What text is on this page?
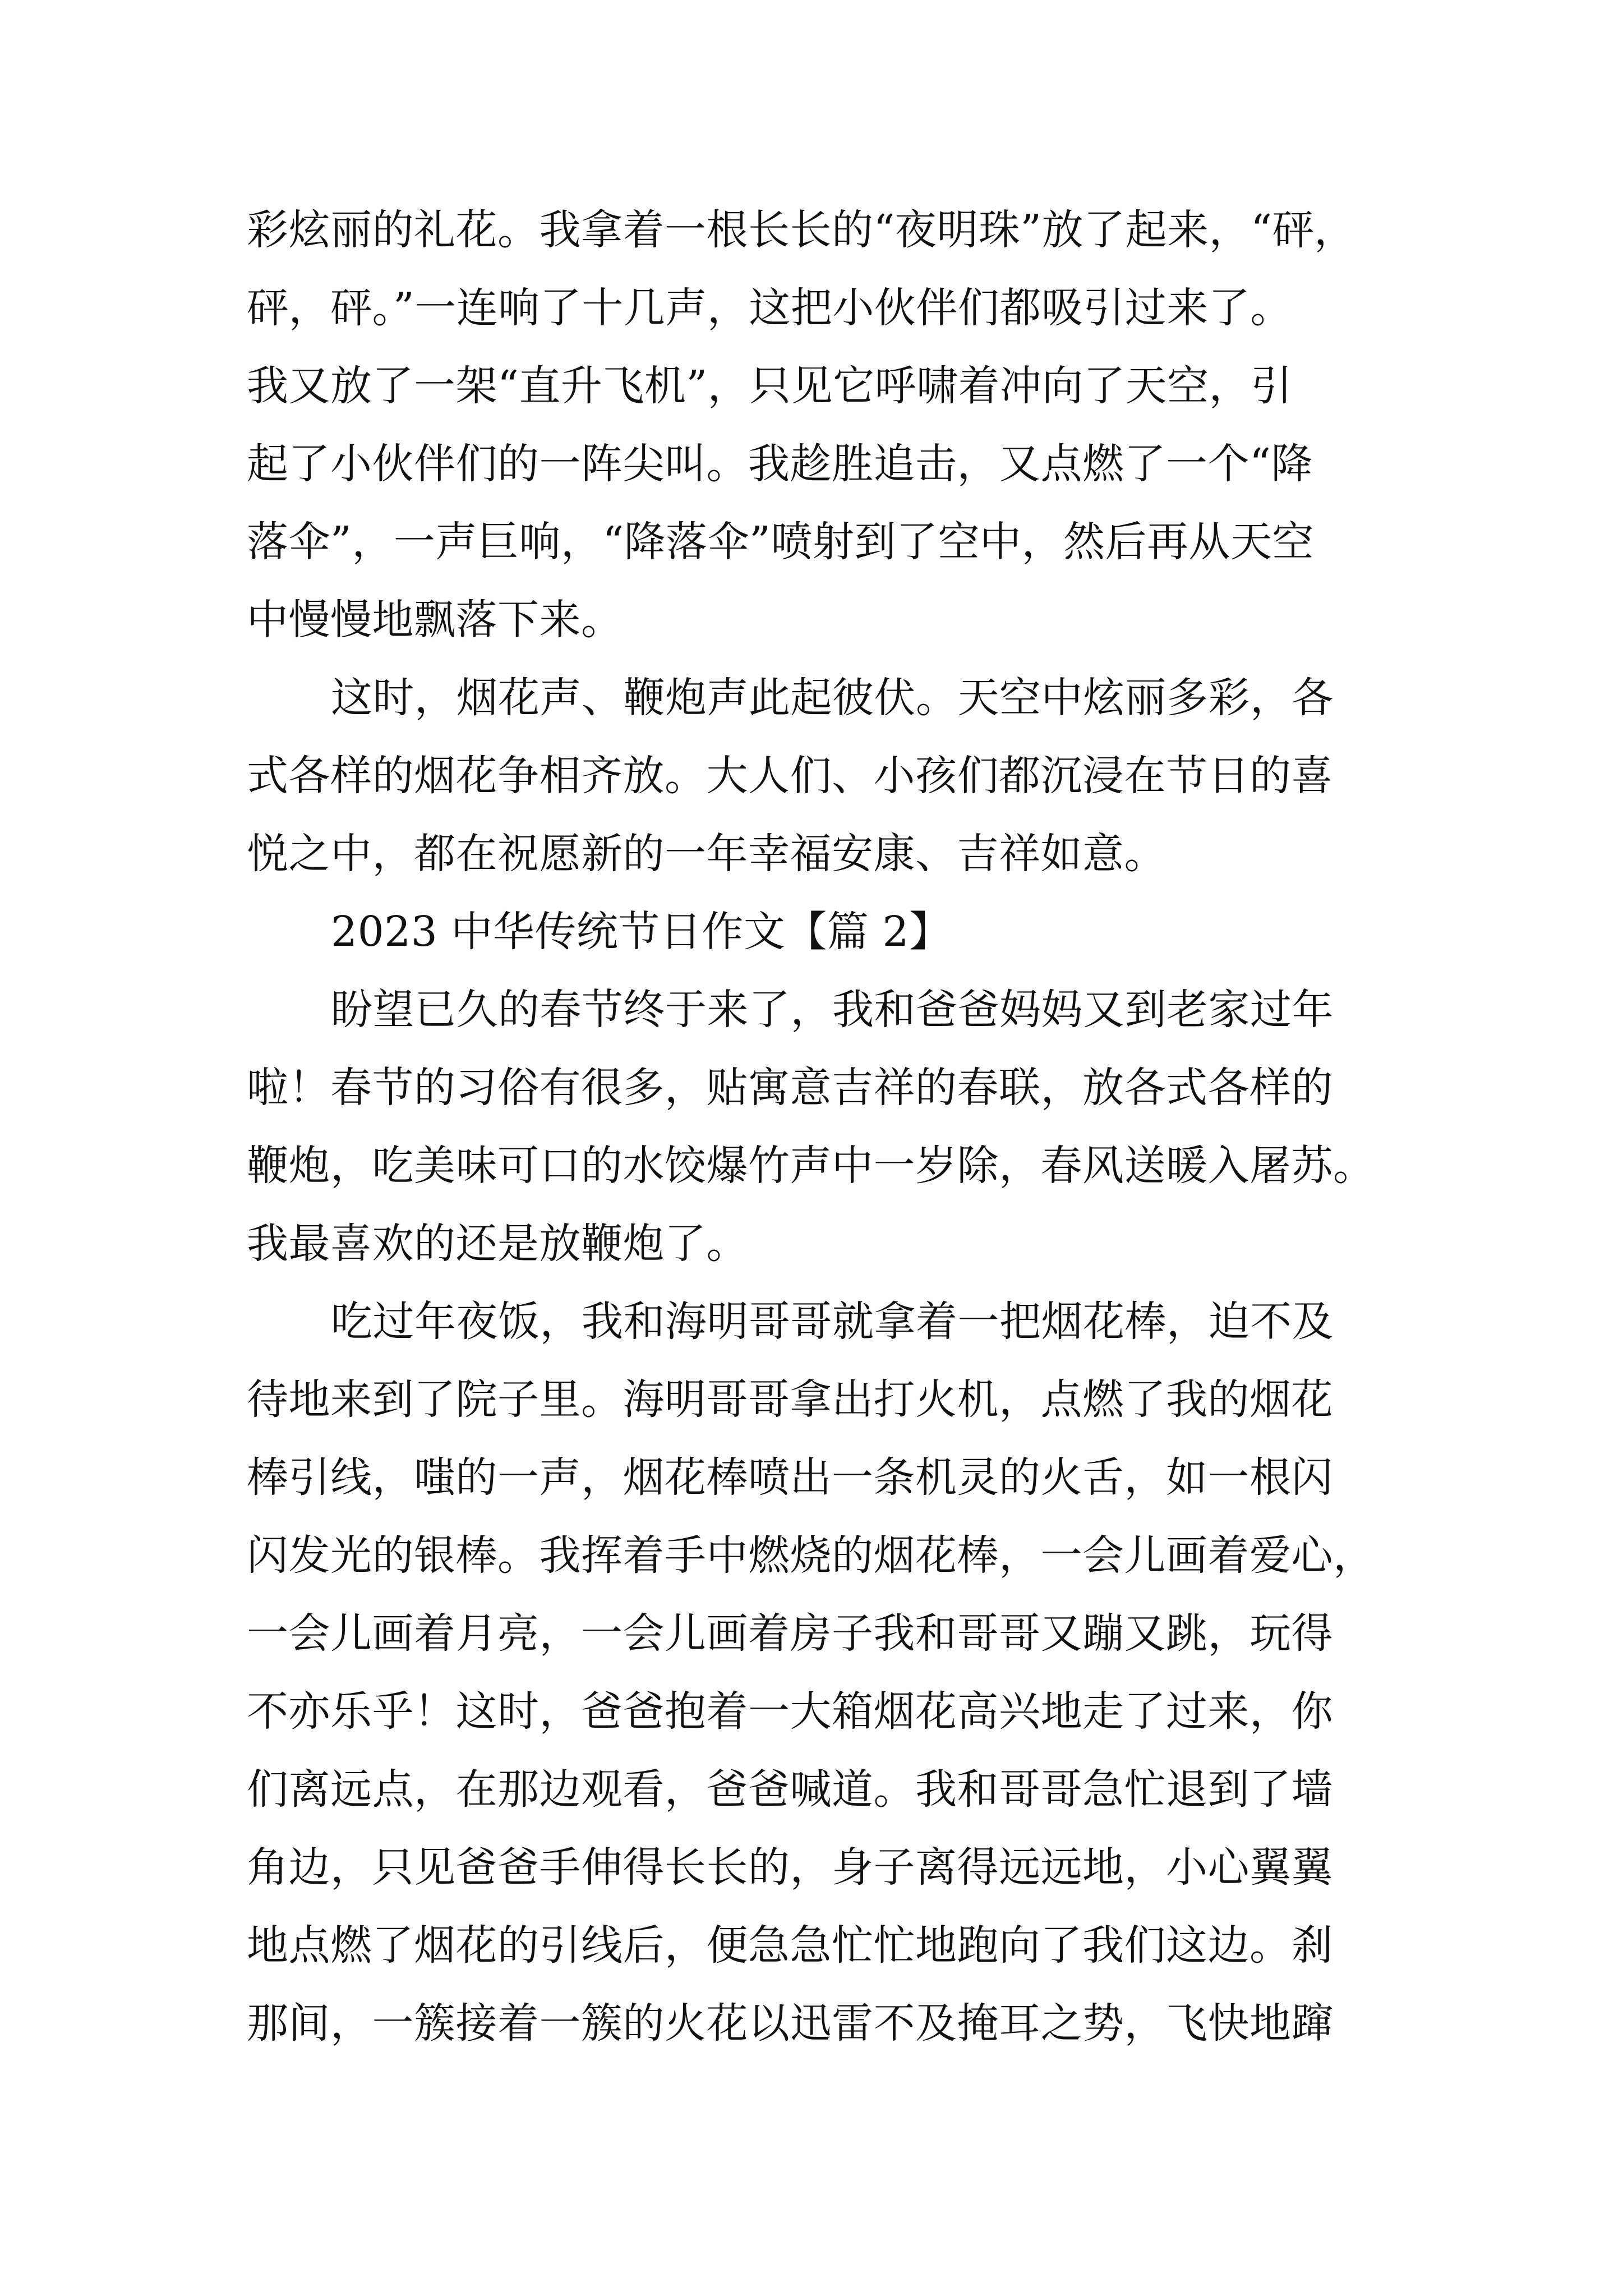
彩炫丽的礼花。我拿着一根长长的“夜明珠”放了起来，“砰，
砰，砰。”一连响了十几声，这把小伙伴们都吸引过来了。
我又放了一架“直升飞机”，只见它呼啸着冲向了天空，引
起了小伙伴们的一阵尖叫。我趁胜追击，又点燃了一个“降
落伞”，一声巨响，“降落伞”喷射到了空中，然后再从天空
中慢慢地飘落下来。
这时，烟花声、鞭炮声此起彼伏。天空中炫丽多彩，各
式各样的烟花争相齐放。大人们、小孩们都沉浸在节日的喜
悦之中，都在祝愿新的一年幸福安康、吉祥如意。
2023 中华传统节日作文【篇 2】
盼望已久的春节终于来了，我和爸爸妈妈又到老家过年
啦！春节的习俗有很多，贴寓意吉祥的春联，放各式各样的
鞭炮，吃美味可口的水饺爆竹声中一岁除，春风送暖入屠苏。
我最喜欢的还是放鞭炮了。
吃过年夜饭，我和海明哥哥就拿着一把烟花棒，迫不及
待地来到了院子里。海明哥哥拿出打火机，点燃了我的烟花
棒引线，嗤的一声，烟花棒喷出一条机灵的火舌，如一根闪
闪发光的银棒。我挥着手中燃烧的烟花棒，一会儿画着爱心，
一会儿画着月亮，一会儿画着房子我和哥哥又蹦又跳，玩得
不亦乐乎！这时，爸爸抱着一大箱烟花高兴地走了过来，你
们离远点，在那边观看，爸爸喊道。我和哥哥急忙退到了墙
角边，只见爸爸手伸得长长的，身子离得远远地，小心翼翼
地点燃了烟花的引线后，便急急忙忙地跑向了我们这边。刹
那间，一簇接着一簇的火花以迅雷不及掩耳之势，飞快地蹿
